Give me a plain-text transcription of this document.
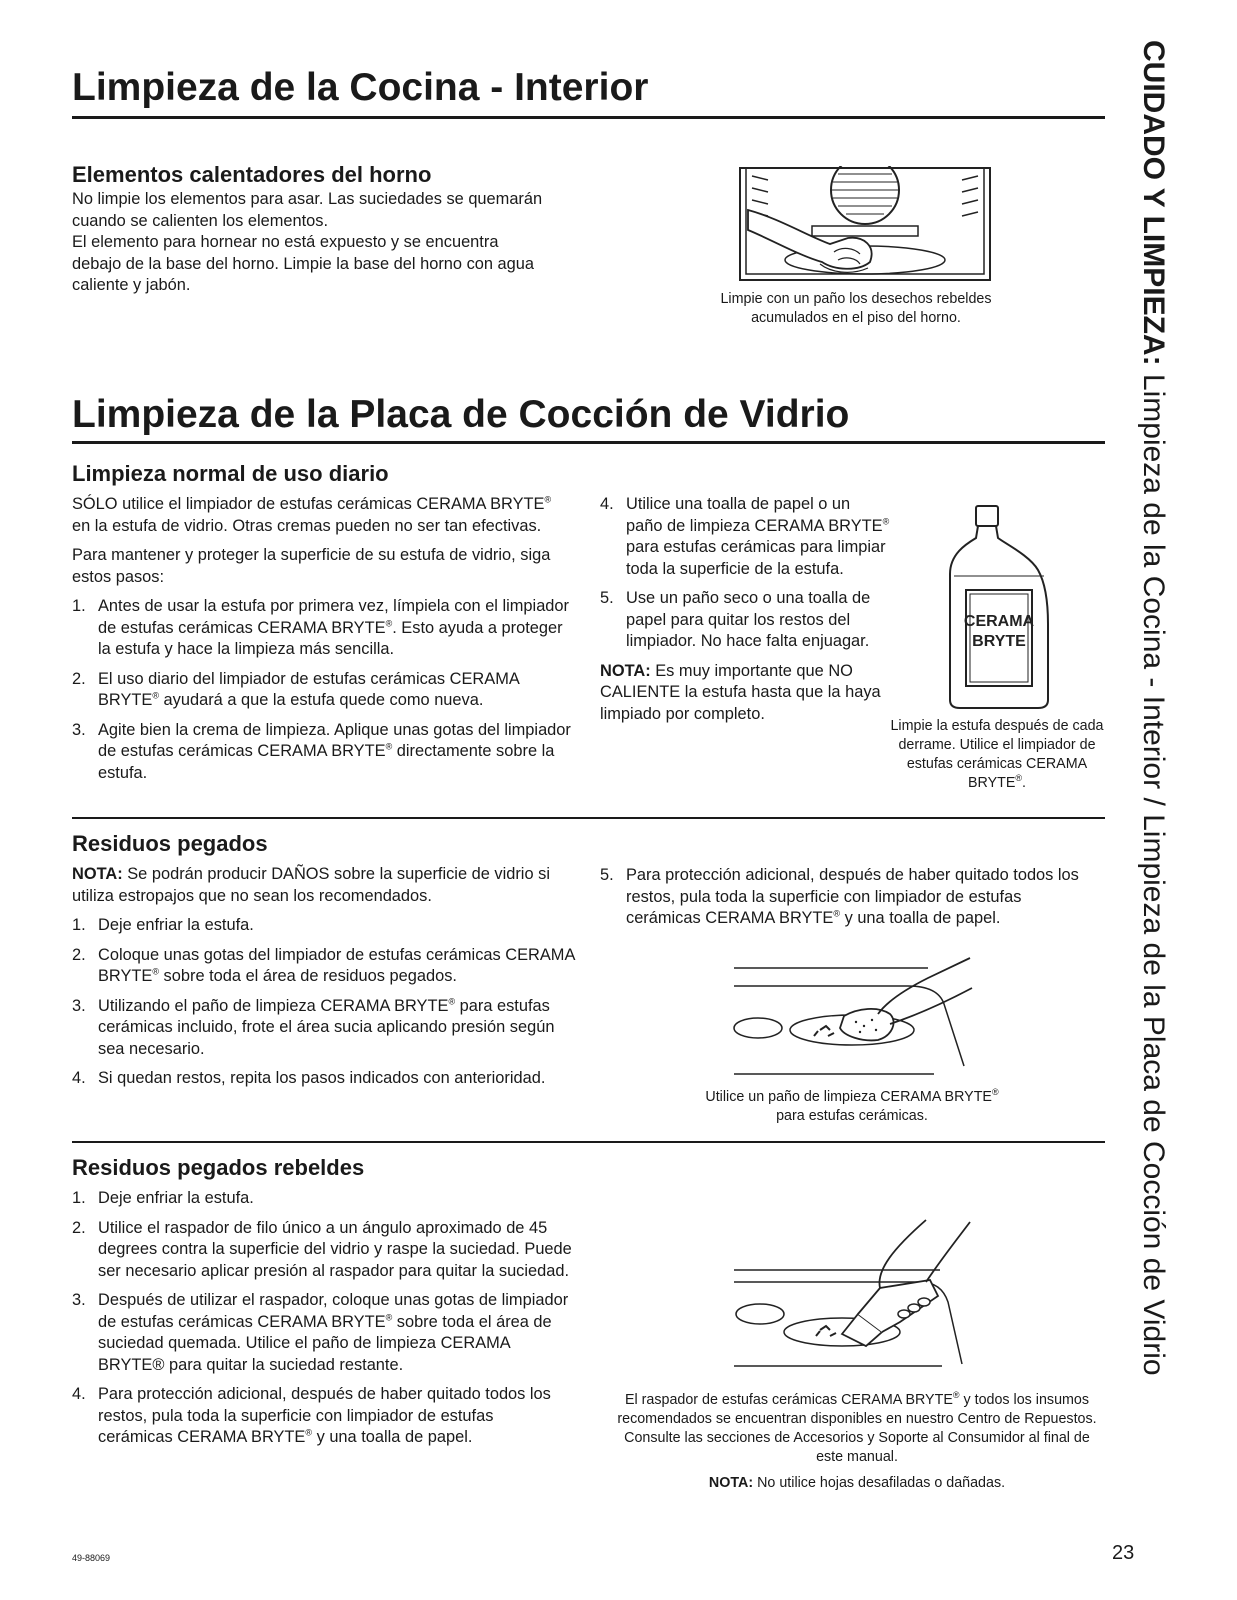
Limpieza de la Cocina - Interior
Limpieza de la Placa de Cocción de Vidrio
CUIDADO Y LIMPIEZA: Limpieza de la Cocina - Interior / Limpieza de la Placa de Cocción de Vidrio
Elementos calentadores del horno

No limpie los elementos para asar. Las suciedades se quemarán cuando se calienten los elementos.

El elemento para hornear no está expuesto y se encuentra debajo de la base del horno. Limpie la base del horno con agua caliente y jabón.

Limpie con un paño los desechos rebeldes acumulados en el piso del horno.

Limpieza normal de uso diario

SÓLO utilice el limpiador de estufas cerámicas CERAMA BRYTE® en la estufa de vidrio. Otras cremas pueden no ser tan efectivas.

Para mantener y proteger la superficie de su estufa de vidrio, siga estos pasos:

1. Antes de usar la estufa por primera vez, límpiela con el limpiador de estufas cerámicas CERAMA BRYTE®. Esto ayuda a proteger la estufa y hace la limpieza más sencilla.
2. El uso diario del limpiador de estufas cerámicas CERAMA BRYTE® ayudará a que la estufa quede como nueva.
3. Agite bien la crema de limpieza. Aplique unas gotas del limpiador de estufas cerámicas CERAMA BRYTE® directamente sobre la estufa.
4. Utilice una toalla de papel o un paño de limpieza CERAMA BRYTE® para estufas cerámicas para limpiar toda la superficie de la estufa.
5. Use un paño seco o una toalla de papel para quitar los restos del limpiador. No hace falta enjuagar.

NOTA: Es muy importante que NO CALIENTE la estufa hasta que la haya limpiado por completo.

CERAMA
BRYTE

Limpie la estufa después de cada derrame. Utilice el limpiador de estufas cerámicas CERAMA BRYTE®.

Residuos pegados

NOTA: Se podrán producir DAÑOS sobre la superficie de vidrio si utiliza estropajos que no sean los recomendados.

1. Deje enfriar la estufa.
2. Coloque unas gotas del limpiador de estufas cerámicas CERAMA BRYTE® sobre toda el área de residuos pegados.
3. Utilizando el paño de limpieza CERAMA BRYTE® para estufas cerámicas incluido, frote el área sucia aplicando presión según sea necesario.
4. Si quedan restos, repita los pasos indicados con anterioridad.
5. Para protección adicional, después de haber quitado todos los restos, pula toda la superficie con limpiador de estufas cerámicas CERAMA BRYTE® y una toalla de papel.

Utilice un paño de limpieza CERAMA BRYTE® para estufas cerámicas.

Residuos pegados rebeldes
1. Deje enfriar la estufa.
2. Utilice el raspador de filo único a un ángulo aproximado de 45 degrees contra la superficie del vidrio y raspe la suciedad. Puede ser necesario aplicar presión al raspador para quitar la suciedad.
3. Después de utilizar el raspador, coloque unas gotas de limpiador de estufas cerámicas CERAMA BRYTE® sobre toda el área de suciedad quemada. Utilice el paño de limpieza CERAMA BRYTE® para quitar la suciedad restante.
4. Para protección adicional, después de haber quitado todos los restos, pula toda la superficie con limpiador de estufas cerámicas CERAMA BRYTE® y una toalla de papel.

El raspador de estufas cerámicas CERAMA BRYTE® y todos los insumos recomendados se encuentran disponibles en nuestro Centro de Repuestos. Consulte las secciones de Accesorios y Soporte al Consumidor al final de este manual.

NOTA: No utilice hojas desafiladas o dañadas.

49-88069	23
